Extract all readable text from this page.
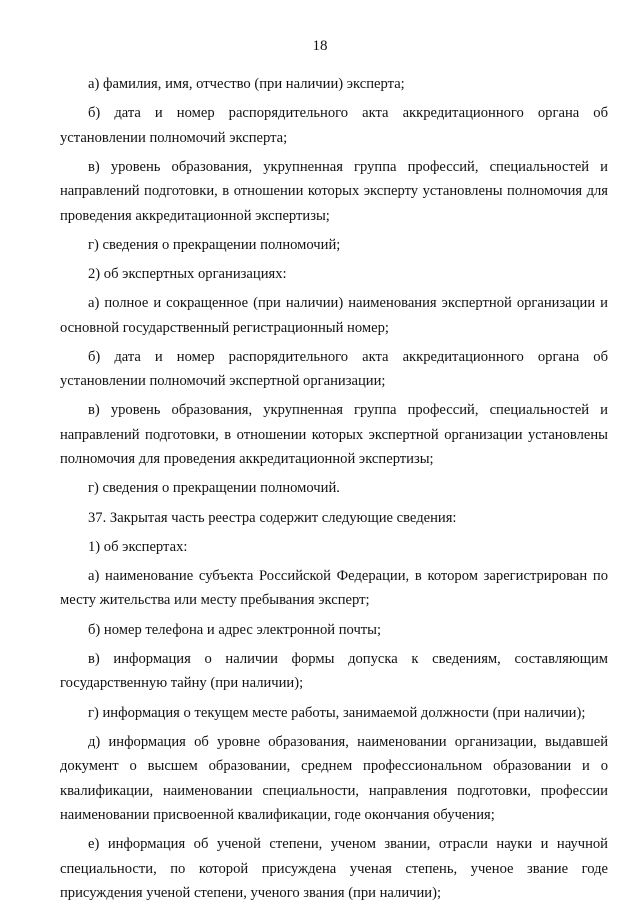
18

а) фамилия, имя, отчество (при наличии) эксперта;

б) дата и номер распорядительного акта аккредитационного органа об установлении полномочий эксперта;

в) уровень образования, укрупненная группа профессий, специальностей и направлений подготовки, в отношении которых эксперту установлены полномочия для проведения аккредитационной экспертизы;

г) сведения о прекращении полномочий;

2) об экспертных организациях:

а) полное и сокращенное (при наличии) наименования экспертной организации и основной государственный регистрационный номер;

б) дата и номер распорядительного акта аккредитационного органа об установлении полномочий экспертной организации;

в) уровень образования, укрупненная группа профессий, специальностей и направлений подготовки, в отношении которых экспертной организации установлены полномочия для проведения аккредитационной экспертизы;

г) сведения о прекращении полномочий.

37. Закрытая часть реестра содержит следующие сведения:

1) об экспертах:

а) наименование субъекта Российской Федерации, в котором зарегистрирован по месту жительства или месту пребывания эксперт;

б) номер телефона и адрес электронной почты;

в) информация о наличии формы допуска к сведениям, составляющим государственную тайну (при наличии);

г) информация о текущем месте работы, занимаемой должности (при наличии);

д) информация об уровне образования, наименовании организации, выдавшей документ о высшем образовании, среднем профессиональном образовании и о квалификации, наименовании специальности, направления подготовки, профессии наименовании присвоенной квалификации, годе окончания обучения;

е) информация об ученой степени, ученом звании, отрасли науки и научной специальности, по которой присуждена ученая степень, ученое звание годе присуждения ученой степени, ученого звания (при наличии);
